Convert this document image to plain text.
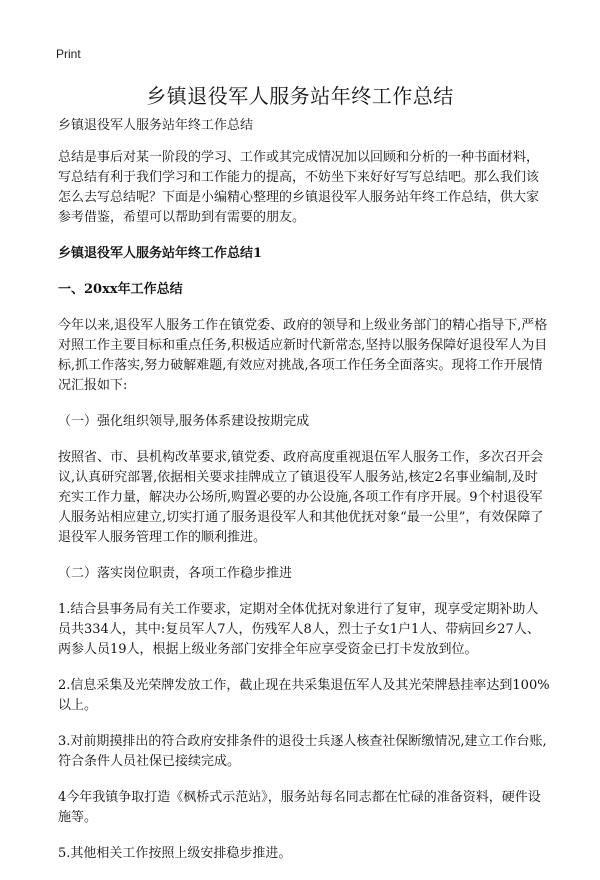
Print
乡镇退役军人服务站年终工作总结

乡镇退役军人服务站年终工作总结

总结是事后对某一阶段的学习、工作或其完成情况加以回顾和分析的一种书面材料，写总结有利于我们学习和工作能力的提高，不妨坐下来好好写写总结吧。那么我们该怎么去写总结呢？下面是小编精心整理的乡镇退役军人服务站年终工作总结，供大家参考借鉴，希望可以帮助到有需要的朋友。

乡镇退役军人服务站年终工作总结1

一、20xx年工作总结

今年以来,退役军人服务工作在镇党委、政府的领导和上级业务部门的精心指导下,严格对照工作主要目标和重点任务,积极适应新时代新常态,坚持以服务保障好退役军人为目标,抓工作落实,努力破解难题,有效应对挑战,各项工作任务全面落实。现将工作开展情况汇报如下:

（一）强化组织领导,服务体系建设按期完成

按照省、市、县机构改革要求,镇党委、政府高度重视退伍军人服务工作，多次召开会议,认真研究部署,依据相关要求挂牌成立了镇退役军人服务站,核定2名事业编制,及时充实工作力量，解决办公场所,购置必要的办公设施,各项工作有序开展。9个村退役军人服务站相应建立,切实打通了服务退役军人和其他优抚对象“最一公里”，有效保障了退役军人服务管理工作的顺利推进。

（二）落实岗位职责，各项工作稳步推进

1.结合县事务局有关工作要求，定期对全体优抚对象进行了复审，现享受定期补助人员共334人，其中:复员军人7人，伤残军人8人，烈士子女1户1人、带病回乡27人、两参人员19人，根据上级业务部门安排全年应享受资金已打卡发放到位。

2.信息采集及光荣牌发放工作，截止现在共采集退伍军人及其光荣牌悬挂率达到100%以上。

3.对前期摸排出的符合政府安排条件的退役士兵逐人核查社保断缴情况,建立工作台账,符合条件人员社保已接续完成。

4今年我镇争取打造《枫桥式示范站》，服务站每名同志都在忙碌的准备资料，硬件设施等。

5.其他相关工作按照上级安排稳步推进。
